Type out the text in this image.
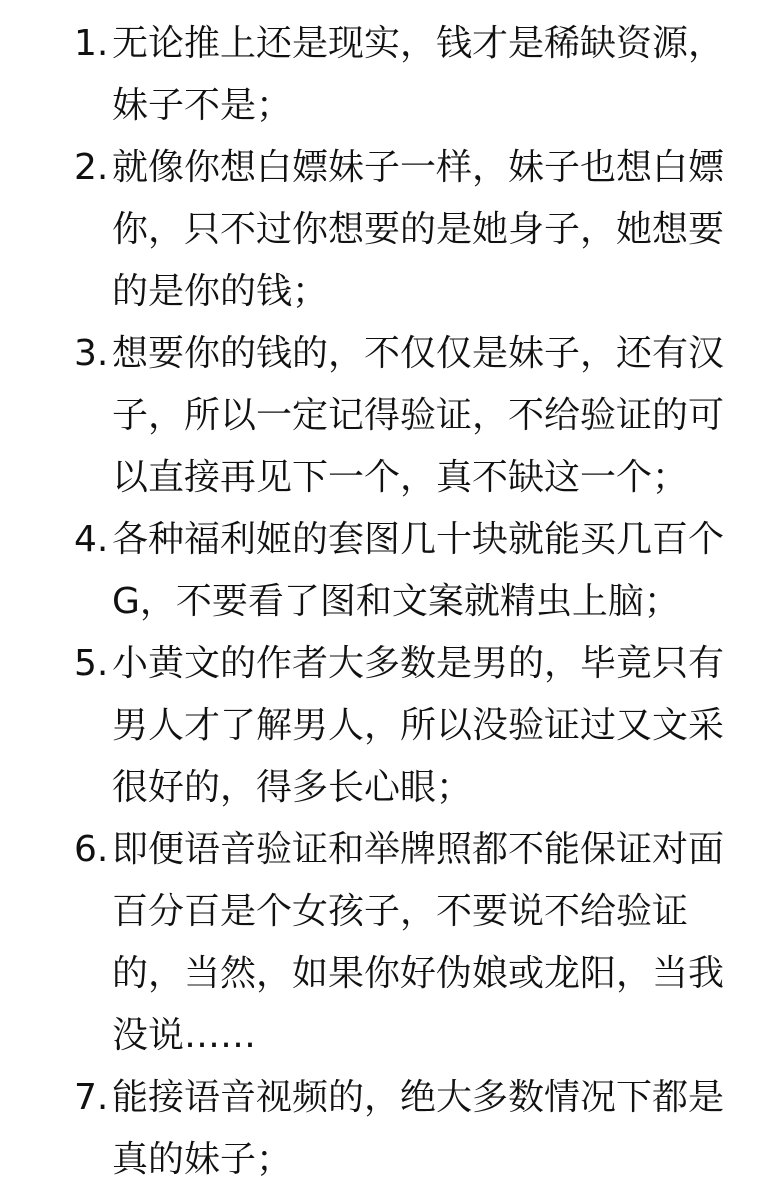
1. 无论推上还是现实，钱才是稀缺资源，
妹子不是；
2. 就像你想白嫖妹子一样，妹子也想白嫖
你，只不过你想要的是她身子，她想要
的是你的钱；
3. 想要你的钱的，不仅仅是妹子，还有汉
子，所以一定记得验证，不给验证的可
以直接再见下一个，真不缺这一个；
4. 各种福利姬的套图几十块就能买几百个
G，不要看了图和文案就精虫上脑；
5. 小黄文的作者大多数是男的，毕竟只有
男人才了解男人，所以没验证过又文采
很好的，得多长心眼；
6. 即便语音验证和举牌照都不能保证对面
百分百是个女孩子，不要说不给验证
的，当然，如果你好伪娘或龙阳，当我
没说……
7. 能接语音视频的，绝大多数情况下都是
真的妹子；
